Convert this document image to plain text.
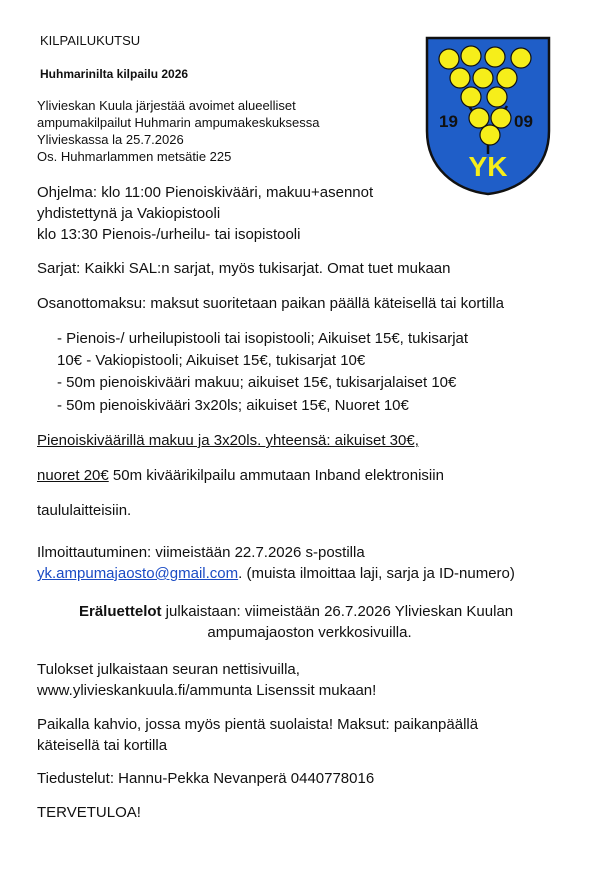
KILPAILUKUTSU
Huhmarinilta kilpailu 2026
Ylivieskan Kuula järjestää avoimet alueelliset
ampumakilpailut Huhmarin ampumakeskuksessa
Ylivieskassa la 25.7.2026
Os. Huhmarlammen metsätie 225
Ohjelma: klo 11:00 Pienoiskivääri, makuu+asennot
yhdistettynä ja Vakiopistooli
klo 13:30 Pienois-/urheilu- tai isopistooli
Sarjat: Kaikki SAL:n sarjat, myös tukisarjat. Omat tuet mukaan
Osanottomaksu: maksut suoritetaan paikan päällä käteisellä tai kortilla
- Pienois-/ urheilupistooli tai isopistooli; Aikuiset 15€, tukisarjat
10€ - Vakiopistooli; Aikuiset 15€, tukisarjat 10€
- 50m pienoiskivääri makuu; aikuiset 15€, tukisarjalaiset 10€
- 50m pienoiskivääri 3x20ls; aikuiset 15€, Nuoret 10€
Pienoiskiväärillä makuu ja 3x20ls. yhteensä: aikuiset 30€,
nuoret 20€ 50m kiväärikilpailu ammutaan Inband elektronisiin
taululaitteisiin.
Ilmoittautuminen: viimeistään 22.7.2026 s-postilla
yk.ampumajaosto@gmail.com. (muista ilmoittaa laji, sarja ja ID-numero)
Eräluettelot julkaistaan: viimeistään 26.7.2026 Ylivieskan Kuulan
ampumajaoston verkkosivuilla.
Tulokset julkaistaan seuran nettisivuilla,
www.ylivieskankuula.fi/ammunta Lisenssit mukaan!
Paikalla kahvio, jossa myös pientä suolaista! Maksut: paikanpäällä
käteisellä tai kortilla
Tiedustelut: Hannu-Pekka Nevanperä 0440778016
TERVETULOA!
19	09
YK
